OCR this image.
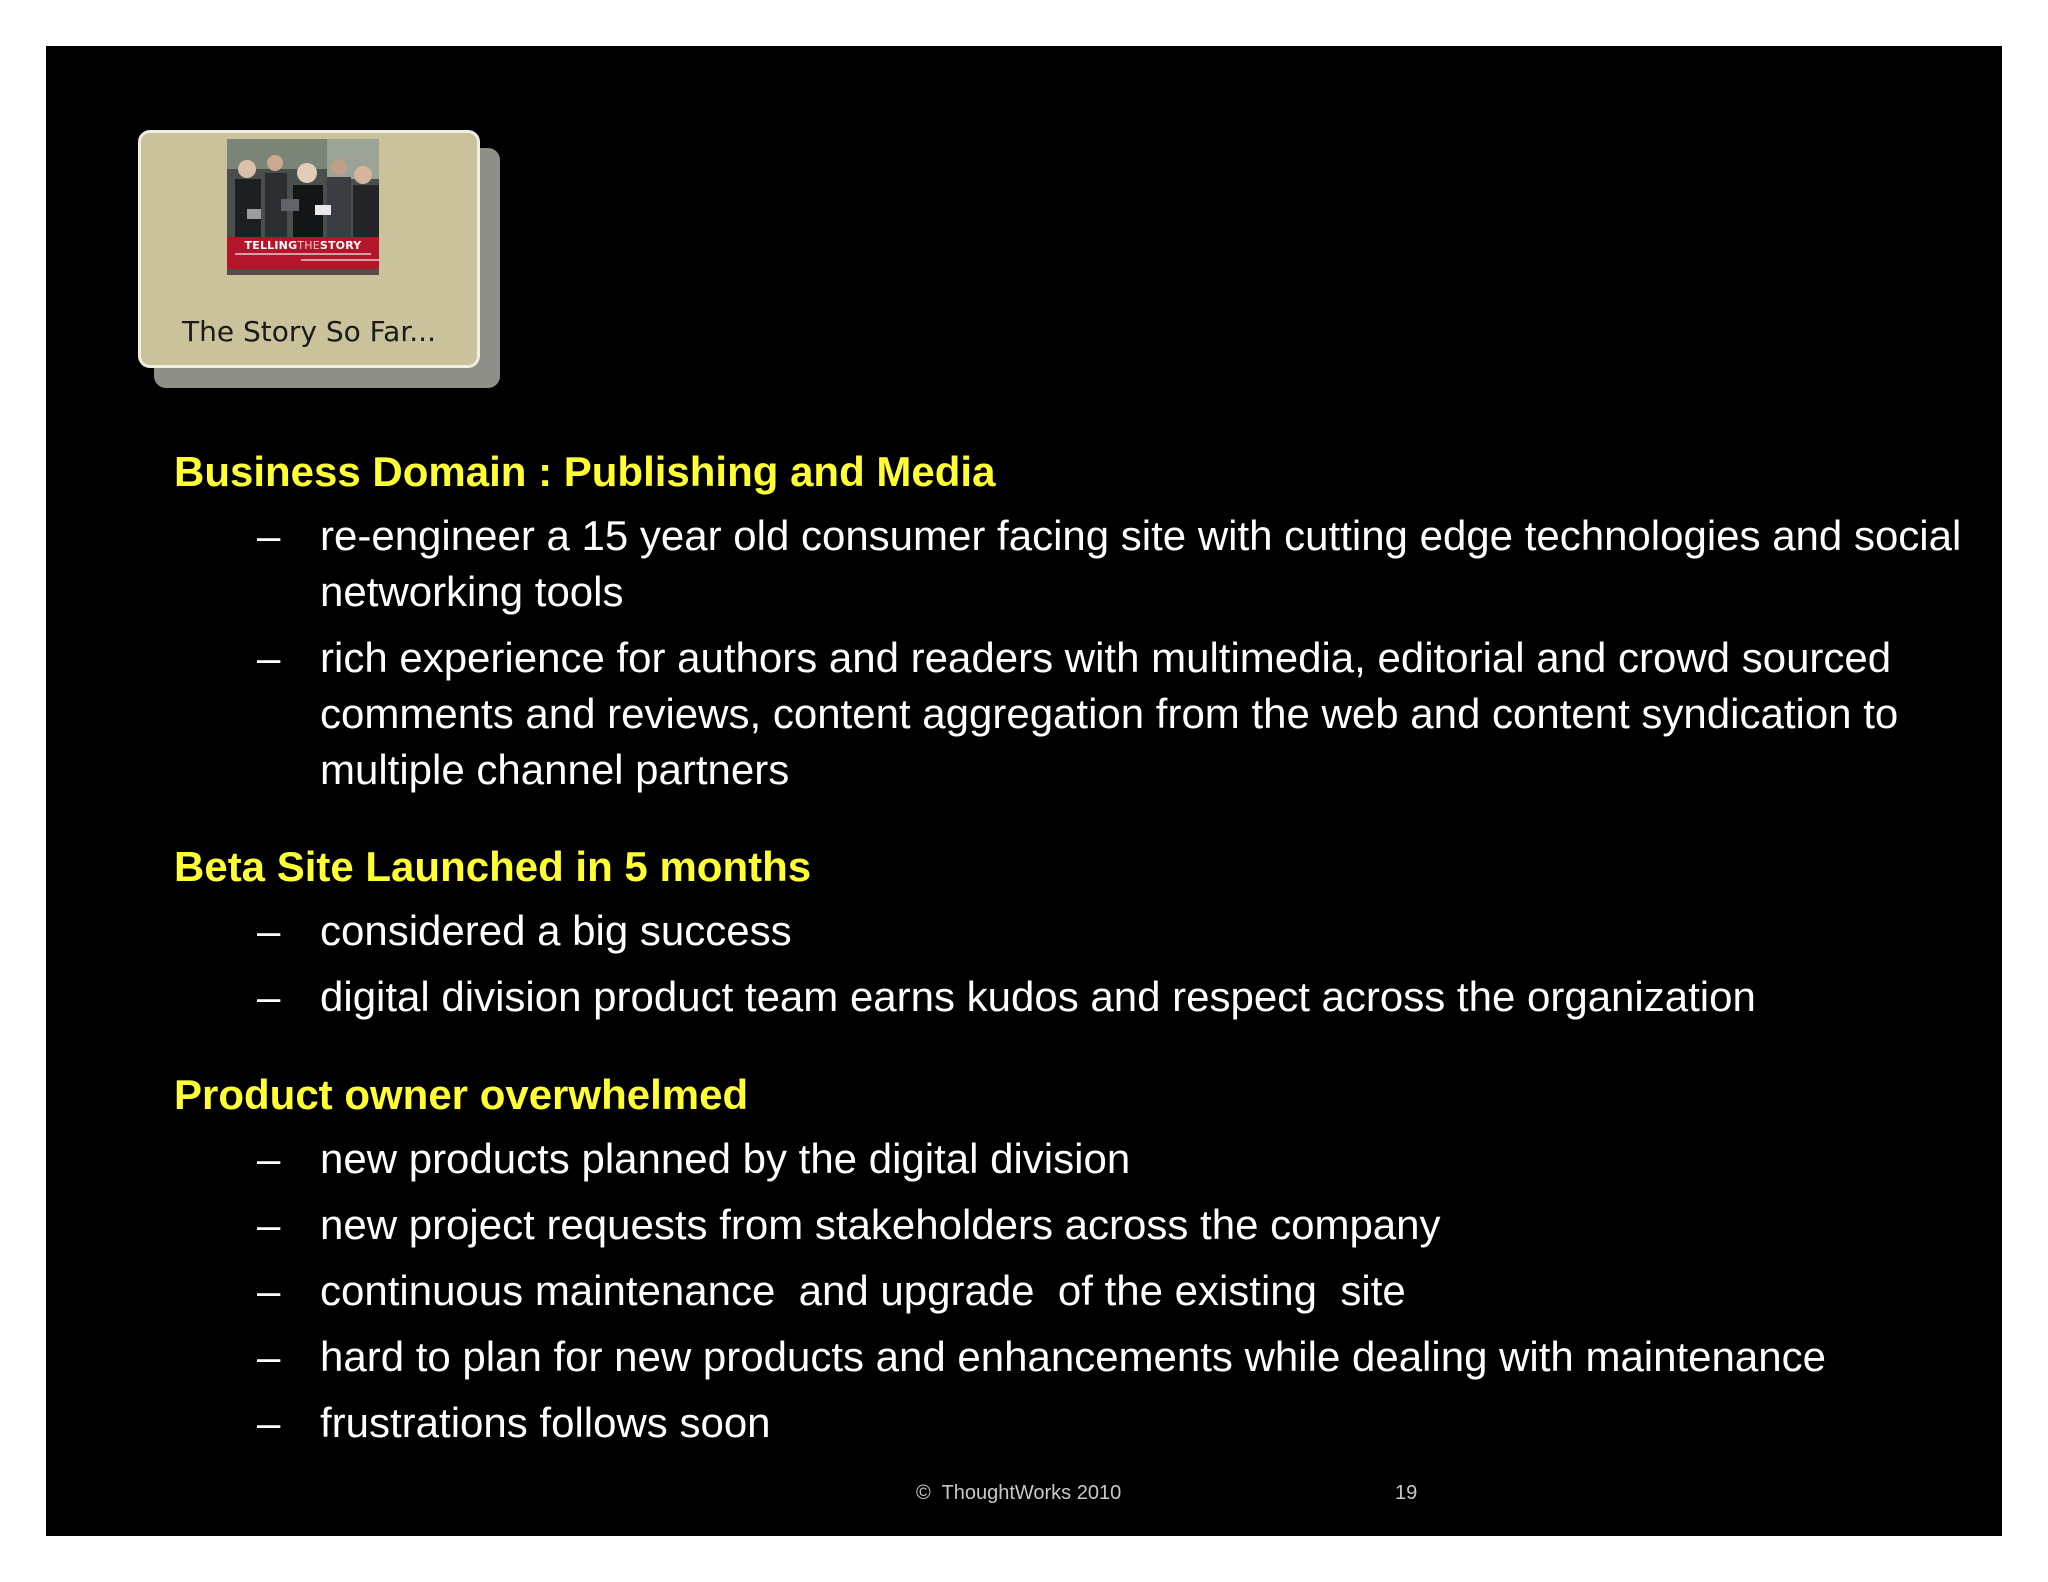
TELLINGTHESTORY
The Story So Far...
Business Domain : Publishing and Media
– re-engineer a 15 year old consumer facing site with cutting edge technologies and social networking tools
– rich experience for authors and readers with multimedia, editorial and crowd sourced comments and reviews, content aggregation from the web and content syndication to multiple channel partners
Beta Site Launched in 5 months
– considered a big success
– digital division product team earns kudos and respect across the organization
Product owner overwhelmed
– new products planned by the digital division
– new project requests from stakeholders across the company
– continuous maintenance  and upgrade  of the existing  site
– hard to plan for new products and enhancements while dealing with maintenance
– frustrations follows soon
©  ThoughtWorks 2010	19
